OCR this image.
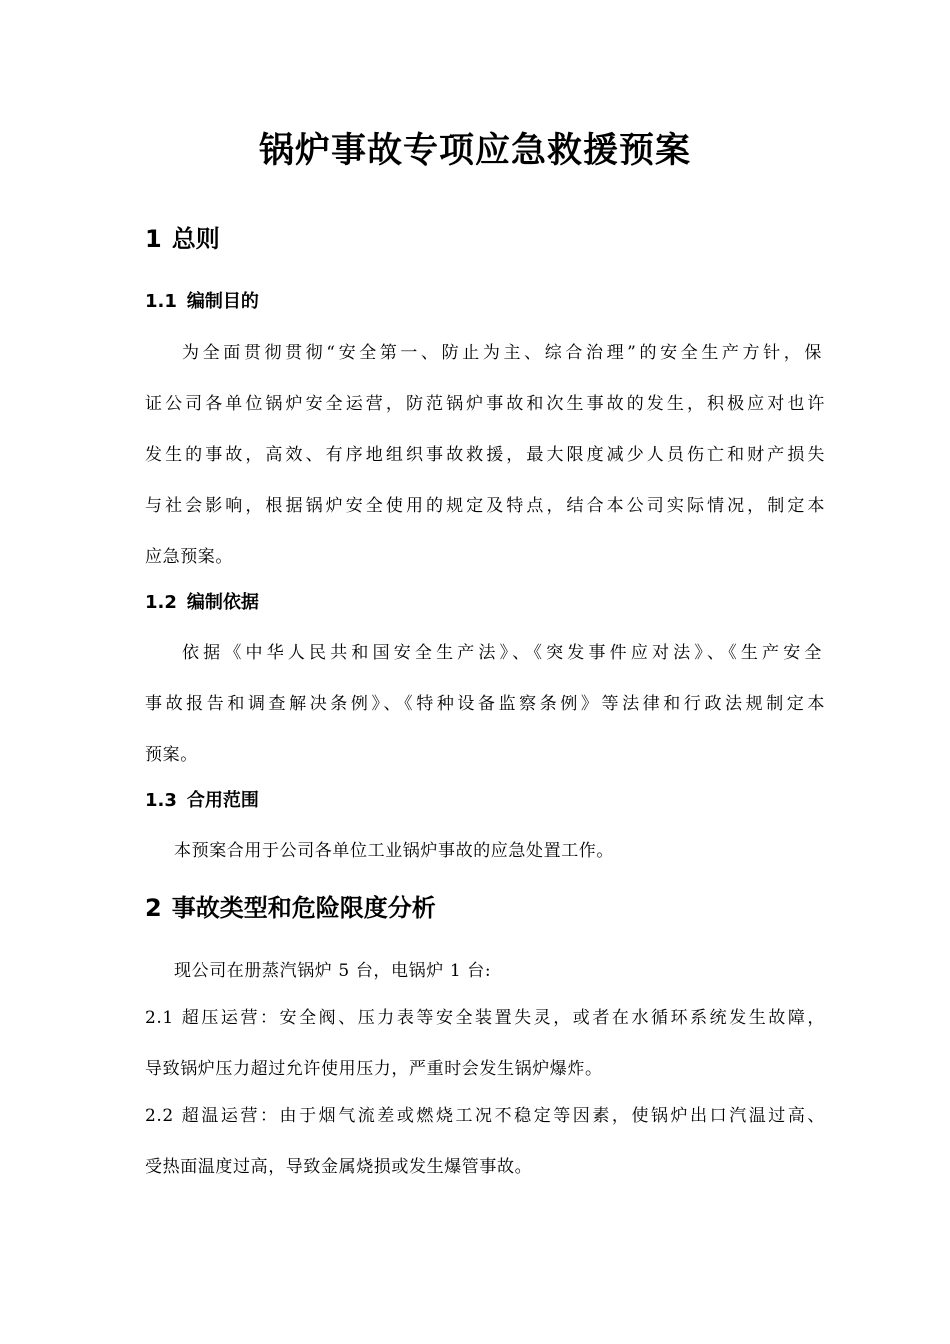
锅炉事故专项应急救援预案
1 总则
1.1 编制目的
为全面贯彻贯彻“安全第一、防止为主、综合治理”的安全生产方针，保
证公司各单位锅炉安全运营，防范锅炉事故和次生事故的发生，积极应对也许
发生的事故，高效、有序地组织事故救援，最大限度减少人员伤亡和财产损失
与社会影响，根据锅炉安全使用的规定及特点，结合本公司实际情况，制定本
应急预案。
1.2 编制依据
依据《中华人民共和国安全生产法》、《突发事件应对法》、《生产安全
事故报告和调查解决条例》、《特种设备监察条例》等法律和行政法规制定本
预案。
1.3 合用范围
本预案合用于公司各单位工业锅炉事故的应急处置工作。
2 事故类型和危险限度分析
现公司在册蒸汽锅炉 5 台，电锅炉 1 台:
2.1 超压运营：安全阀、压力表等安全装置失灵，或者在水循环系统发生故障，
导致锅炉压力超过允许使用压力，严重时会发生锅炉爆炸。
2.2 超温运营：由于烟气流差或燃烧工况不稳定等因素，使锅炉出口汽温过高、
受热面温度过高，导致金属烧损或发生爆管事故。
